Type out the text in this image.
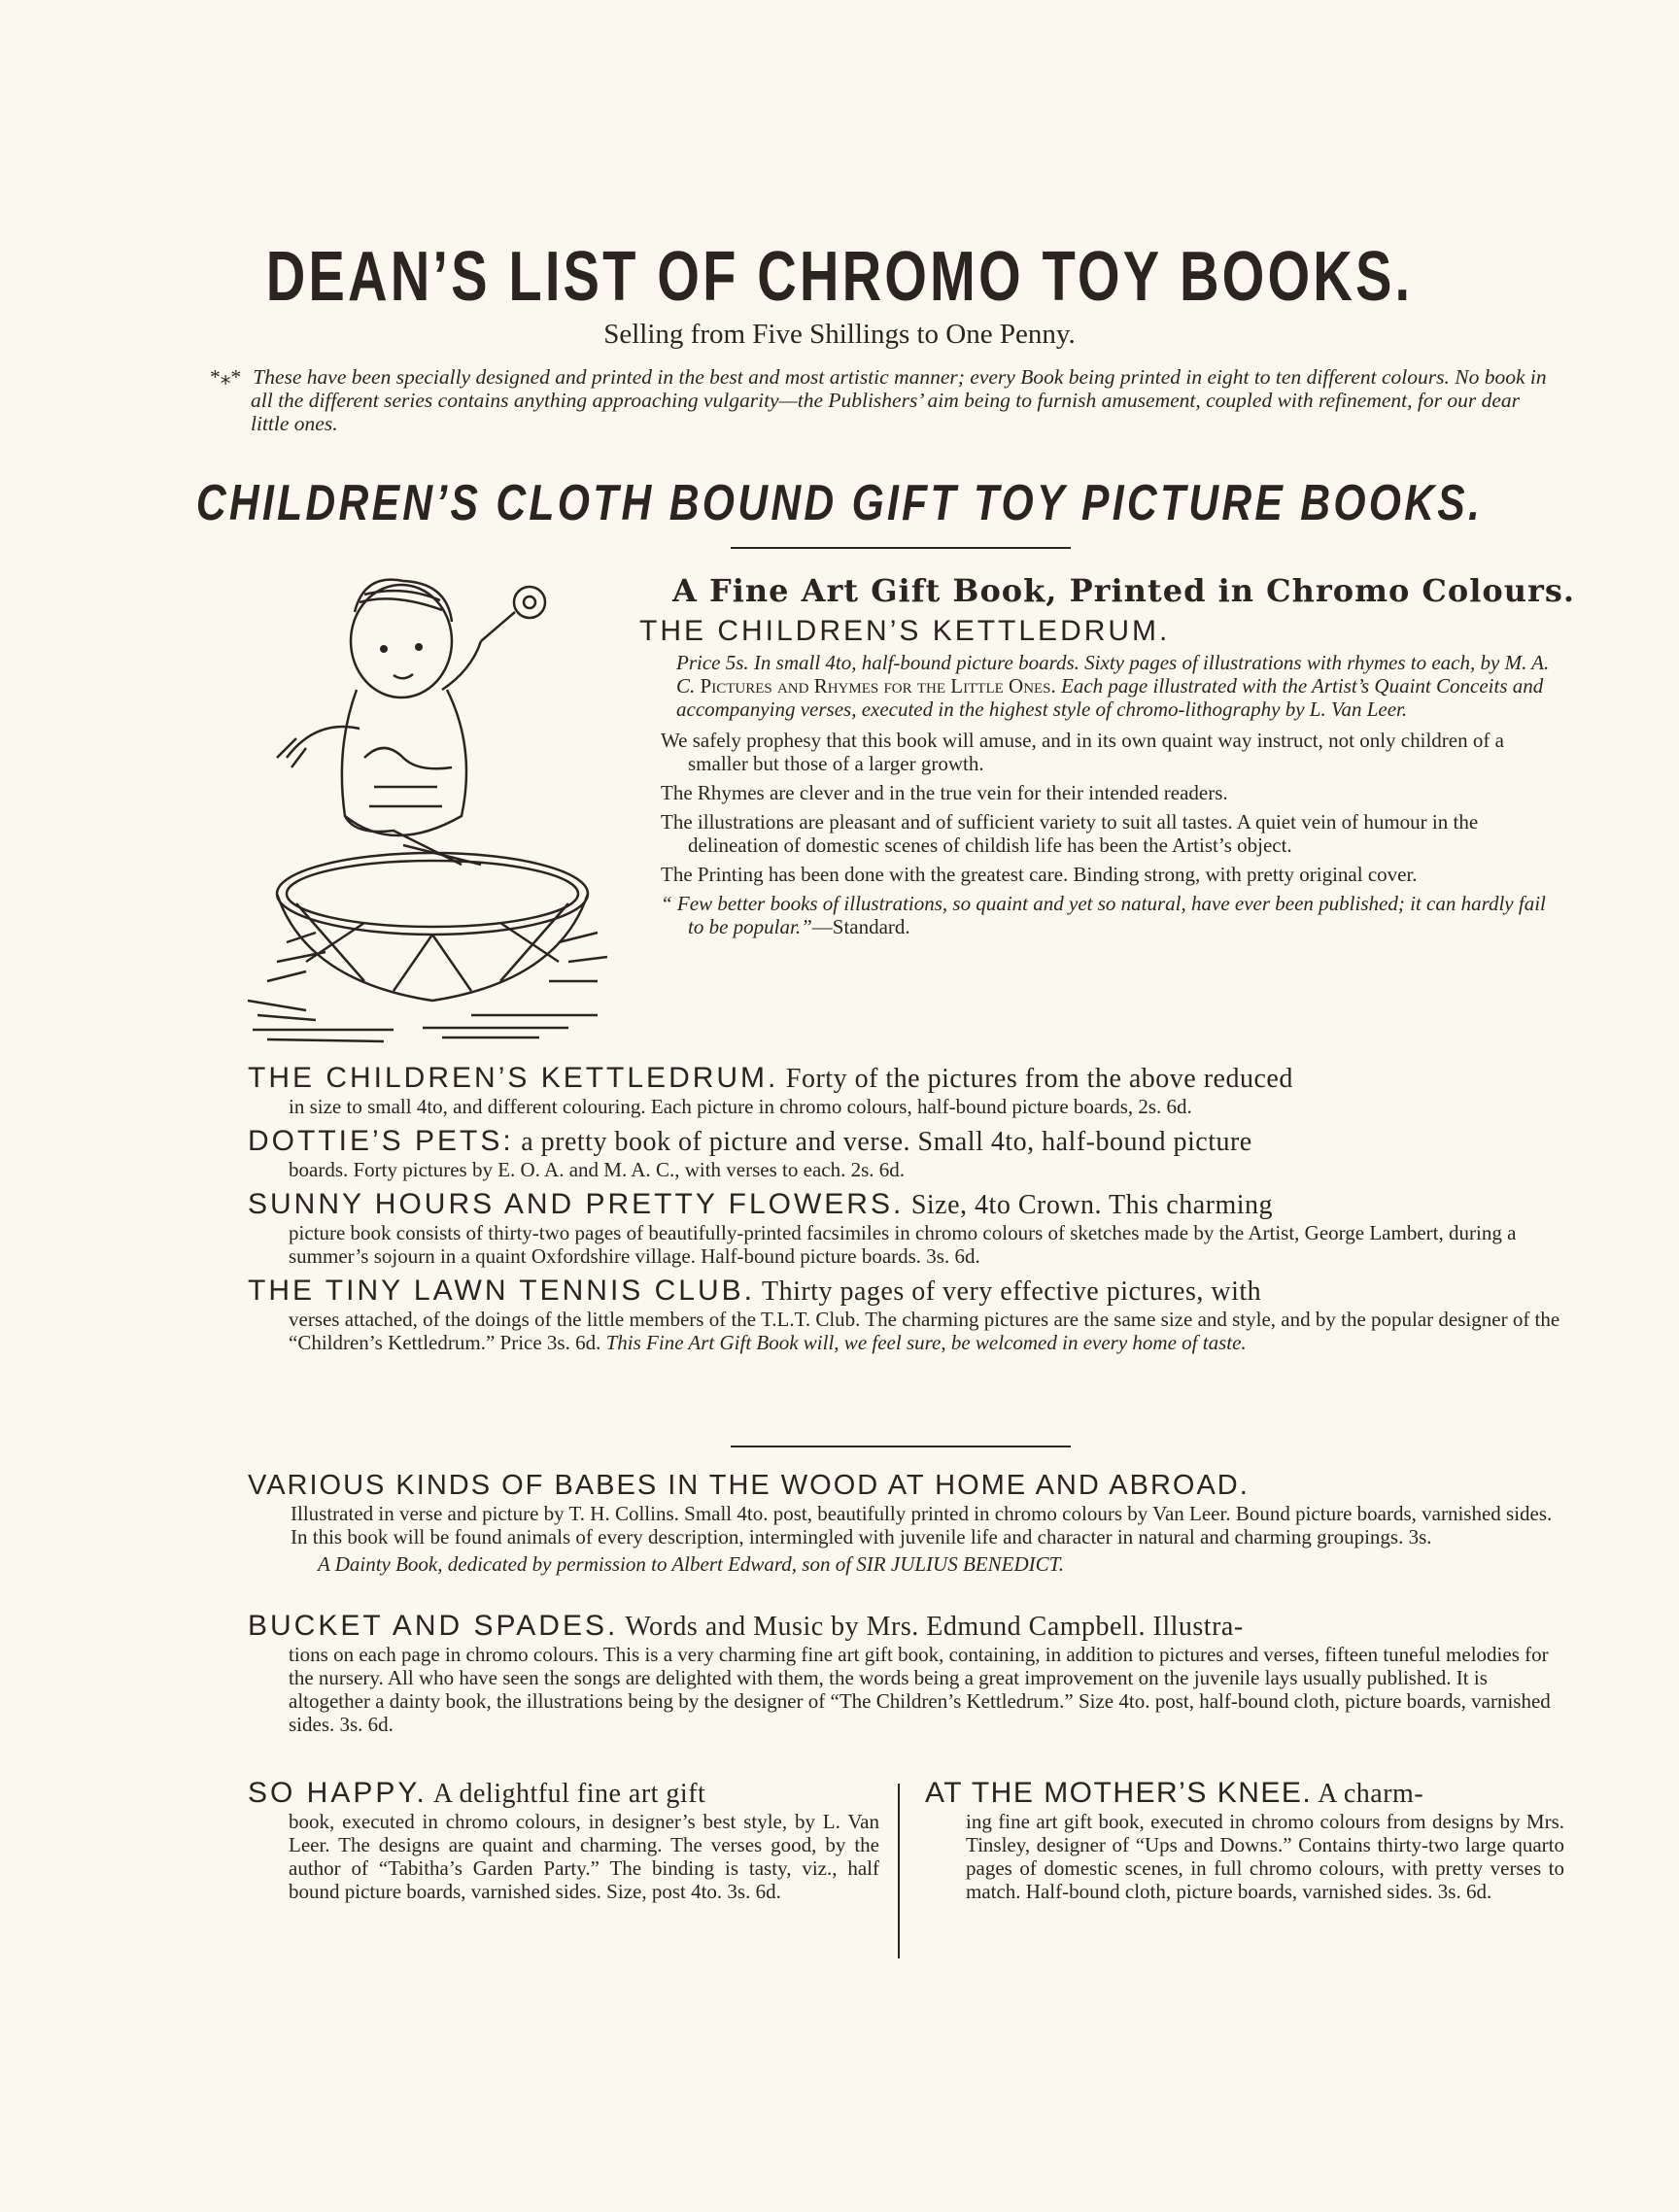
DEAN’S LIST OF CHROMO TOY BOOKS.
Selling from Five Shillings to One Penny.
*⁎* These have been specially designed and printed in the best and most artistic manner; every Book being printed in eight to ten different colours. No book in all the different series contains anything approaching vulgarity—the Publishers’ aim being to furnish amusement, coupled with refinement, for our dear little ones.
CHILDREN’S CLOTH BOUND GIFT TOY PICTURE BOOKS.
A Fine Art Gift Book, Printed in Chromo Colours.
THE CHILDREN’S KETTLEDRUM.
Price 5s. In small 4to, half-bound picture boards. Sixty pages of illustrations with rhymes to each, by M. A. C. Pictures and Rhymes for the Little Ones. Each page illustrated with the Artist’s Quaint Conceits and accompanying verses, executed in the highest style of chromo-lithography by L. Van Leer.
We safely prophesy that this book will amuse, and in its own quaint way instruct, not only children of a smaller but those of a larger growth.
The Rhymes are clever and in the true vein for their intended readers.
The illustrations are pleasant and of sufficient variety to suit all tastes. A quiet vein of humour in the delineation of domestic scenes of childish life has been the Artist’s object.
The Printing has been done with the greatest care. Binding strong, with pretty original cover.
“ Few better books of illustrations, so quaint and yet so natural, have ever been published; it can hardly fail to be popular.”—Standard.
THE CHILDREN’S KETTLEDRUM. Forty of the pictures from the above reduced
in size to small 4to, and different colouring. Each picture in chromo colours, half-bound picture boards, 2s. 6d.
DOTTIE’S PETS: a pretty book of picture and verse. Small 4to, half-bound picture
boards. Forty pictures by E. O. A. and M. A. C., with verses to each. 2s. 6d.
SUNNY HOURS AND PRETTY FLOWERS. Size, 4to Crown. This charming
picture book consists of thirty-two pages of beautifully-printed facsimiles in chromo colours of sketches made by the Artist, George Lambert, during a summer’s sojourn in a quaint Oxfordshire village. Half-bound picture boards. 3s. 6d.
THE TINY LAWN TENNIS CLUB. Thirty pages of very effective pictures, with
verses attached, of the doings of the little members of the T.L.T. Club. The charming pictures are the same size and style, and by the popular designer of the “Children’s Kettledrum.” Price 3s. 6d. This Fine Art Gift Book will, we feel sure, be welcomed in every home of taste.
VARIOUS KINDS OF BABES IN THE WOOD AT HOME AND ABROAD.
Illustrated in verse and picture by T. H. Collins. Small 4to. post, beautifully printed in chromo colours by Van Leer. Bound picture boards, varnished sides. In this book will be found animals of every description, intermingled with juvenile life and character in natural and charming groupings. 3s.
A Dainty Book, dedicated by permission to Albert Edward, son of SIR JULIUS BENEDICT.
BUCKET AND SPADES. Words and Music by Mrs. Edmund Campbell. Illustra-
tions on each page in chromo colours. This is a very charming fine art gift book, containing, in addition to pictures and verses, fifteen tuneful melodies for the nursery. All who have seen the songs are delighted with them, the words being a great improvement on the juvenile lays usually published. It is altogether a dainty book, the illustrations being by the designer of “The Children’s Kettledrum.” Size 4to. post, half-bound cloth, picture boards, varnished sides. 3s. 6d.
SO HAPPY. A delightful fine art gift
book, executed in chromo colours, in designer’s best style, by L. Van Leer. The designs are quaint and charming. The verses good, by the author of “Tabitha’s Garden Party.” The binding is tasty, viz., half bound picture boards, varnished sides. Size, post 4to. 3s. 6d.
AT THE MOTHER’S KNEE. A charm-
ing fine art gift book, executed in chromo colours from designs by Mrs. Tinsley, designer of “Ups and Downs.” Contains thirty-two large quarto pages of domestic scenes, in full chromo colours, with pretty verses to match. Half-bound cloth, picture boards, varnished sides. 3s. 6d.
